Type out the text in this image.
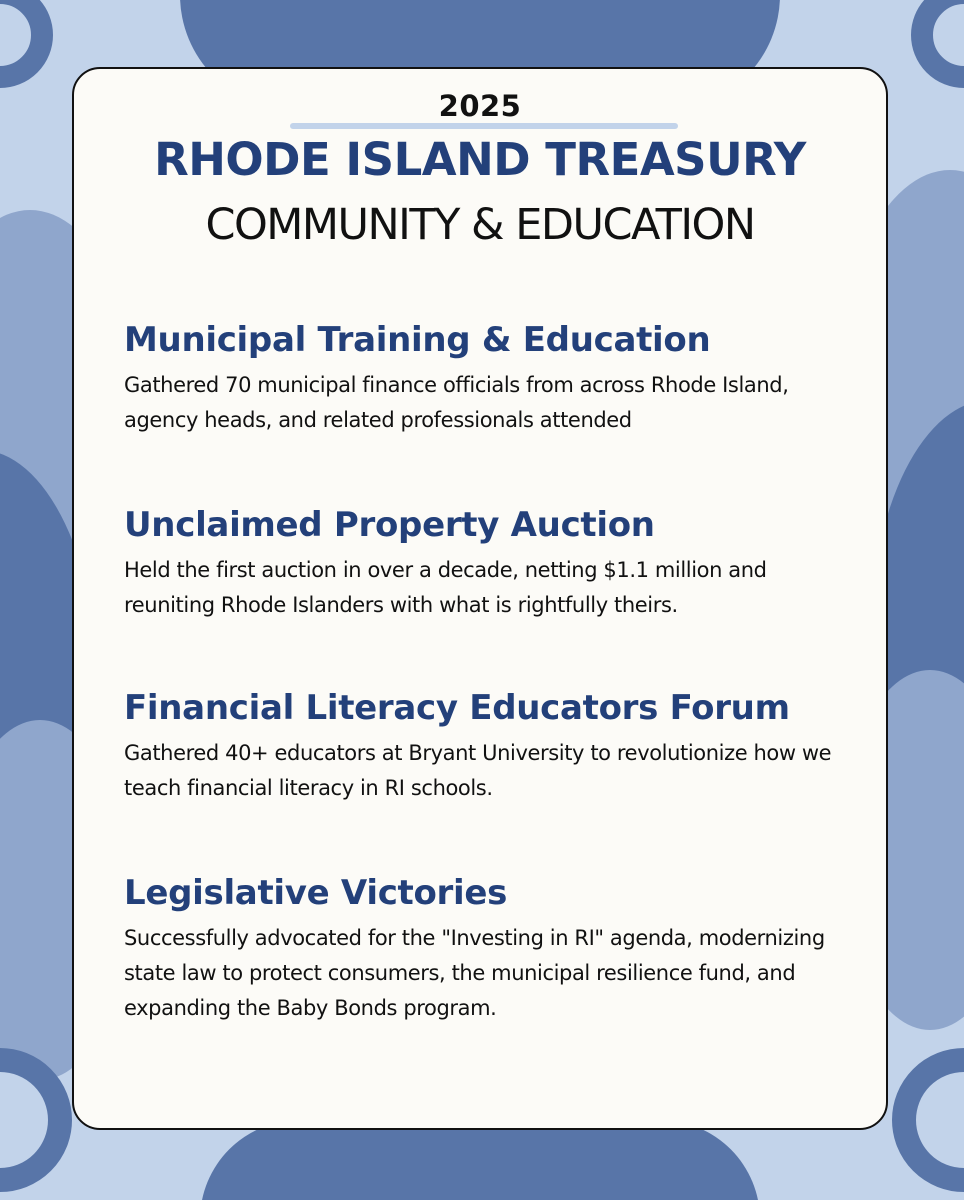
2025
RHODE ISLAND TREASURY
COMMUNITY & EDUCATION
Municipal Training & Education

Gathered 70 municipal finance officials from across Rhode Island, agency heads, and related professionals attended

Unclaimed Property Auction

Held the first auction in over a decade, netting $1.1 million and reuniting Rhode Islanders with what is rightfully theirs.

Financial Literacy Educators Forum

Gathered 40+ educators at Bryant University to revolutionize how we teach financial literacy in RI schools.

Legislative Victories

Successfully advocated for the "Investing in RI" agenda, modernizing state law to protect consumers, the municipal resilience fund, and expanding the Baby Bonds program.
